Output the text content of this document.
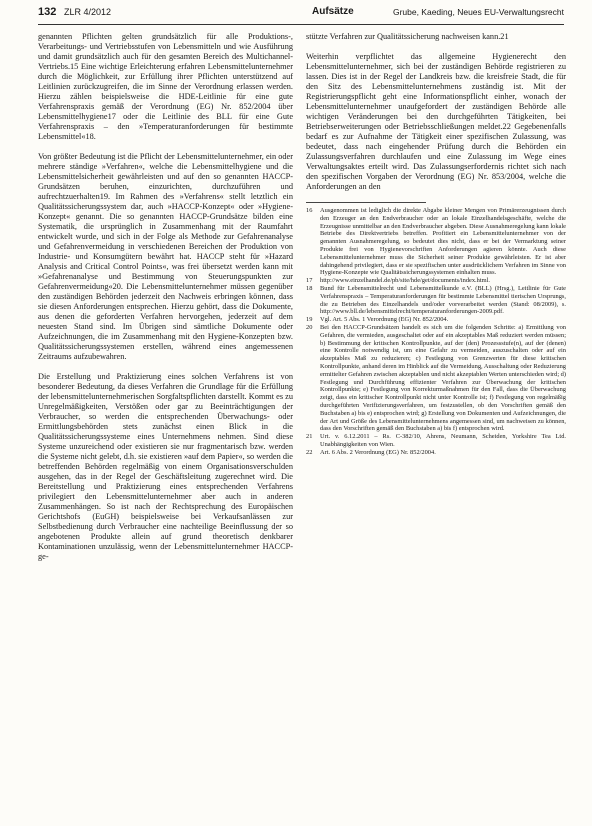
132 ZLR 4/2012	Aufsätze	Grube, Kaeding, Neues EU-Verwaltungsrecht

genannten Pflichten gelten grundsätzlich für alle Produktions-, Verarbeitungs- und Vertriebsstufen von Lebensmitteln und wie Ausführung und damit grundsätzlich auch für den gesamten Bereich des Multichannel-Vertriebs.15 Eine wichtige Erleichterung erfahren Lebensmittelunternehmer durch die Möglichkeit, zur Erfüllung ihrer Pflichten unterstützend auf Leitlinien zurückzugreifen, die im Sinne der Verordnung erlassen werden. Hierzu zählen beispielsweise die HDE-Leitlinie für eine gute Verfahrenspraxis gemäß der Verordnung (EG) Nr. 852/2004 über Lebensmittelhygiene17 oder die Leitlinie des BLL für eine Gute Verfahrenspraxis – den »Temperaturanforderungen für bestimmte Lebensmittel«18.

Von größter Bedeutung ist die Pflicht der Lebensmittelunternehmer, ein oder mehrere ständige »Verfahren«, welche die Lebensmittelhygiene und die Lebensmittelsicherheit gewährleisten und auf den so genannten HACCP-Grundsätzen beruhen, einzurichten, durchzuführen und aufrechtzuerhalten19. Im Rahmen des »Verfahrens« stellt letztlich ein Qualitätssicherungssystem dar, auch »HACCP-Konzept« oder »Hygiene-Konzept« genannt. Die so genannten HACCP-Grundsätze bilden eine Systematik, die ursprünglich in Zusammenhang mit der Raumfahrt entwickelt wurde, und sich in der Folge als Methode zur Gefahrenanalyse und Gefahrenvermeidung in verschiedenen Bereichen der Produktion von Industrie- und Konsumgütern bewährt hat. HACCP steht für »Hazard Analysis and Critical Control Points«, was frei übersetzt werden kann mit »Gefahrenanalyse und Bestimmung von Steuerungspunkten zur Gefahrenvermeidung«20. Die Lebensmittelunternehmer müssen gegenüber den zuständigen Behörden jederzeit den Nachweis erbringen können, dass sie diesen Anforderungen entsprechen. Hierzu gehört, dass die Dokumente, aus denen die geforderten Verfahren hervorgehen, jederzeit auf dem neuesten Stand sind. Im Übrigen sind sämtliche Dokumente oder Aufzeichnungen, die im Zusammenhang mit den Hygiene-Konzepten bzw. Qualitätssicherungssystemen erstellen, während eines angemessenen Zeitraums aufzubewahren.

Die Erstellung und Praktizierung eines solchen Verfahrens ist von besonderer Bedeutung, da dieses Verfahren die Grundlage für die Erfüllung der lebensmittelunternehmerischen Sorgfaltspflichten darstellt. Kommt es zu Unregelmäßigkeiten, Verstößen oder gar zu Beeinträchtigungen der Verbraucher, so werden die entsprechenden Überwachungs- oder Ermittlungsbehörden stets zunächst einen Blick in die Qualitätssicherungssysteme eines Unternehmens nehmen. Sind diese Systeme unzureichend oder existieren sie nur fragmentarisch bzw. werden die Systeme nicht gelebt, d.h. sie existieren »auf dem Papier«, so werden die betreffenden Behörden regelmäßig von einem Organisationsverschulden ausgehen, das in der Regel der Geschäftsleitung zugerechnet wird. Die Bereitstellung und Praktizierung eines entsprechenden Verfahrens privilegiert den Lebensmittelunternehmer aber auch in anderen Zusammenhängen. So ist nach der Rechtsprechung des Europäischen Gerichtshofs (EuGH) beispielsweise bei Verkaufsanlässen zur Selbstbedienung durch Verbraucher eine nachteilige Beeinflussung der so angebotenen Produkte allein auf grund theoretisch denkbarer Kontaminationen unzulässig, wenn der Lebensmittelunternehmer HACCP-ge-

stützte Verfahren zur Qualitätssicherung nachweisen kann.21

Weiterhin verpflichtet das allgemeine Hygienerecht den Lebensmittelunternehmer, sich bei der zuständigen Behörde registrieren zu lassen. Dies ist in der Regel der Landkreis bzw. die kreisfreie Stadt, die für den Sitz des Lebensmittelunternehmens zuständig ist. Mit der Registrierungspflicht geht eine Informationspflicht einher, wonach der Lebensmittelunternehmer unaufgefordert der zuständigen Behörde alle wichtigen Veränderungen bei den durchgeführten Tätigkeiten, bei Betriebserweiterungen oder Betriebsschließungen meldet.22 Gegebenenfalls bedarf es zur Aufnahme der Tätigkeit einer spezifischen Zulassung, was bedeutet, dass nach eingehender Prüfung durch die Behörden ein Zulassungsverfahren durchlaufen und eine Zulassung im Wege eines Verwaltungsaktes erteilt wird. Das Zulassungserfordernis richtet sich nach den spezifischen Vorgaben der Verordnung (EG) Nr. 853/2004, welche die Anforderungen an den

16	Ausgenommen ist lediglich die direkte Abgabe kleiner Mengen von Primärerzeugnissen durch den Erzeuger an den Endverbraucher oder an lokale Einzelhandelsgeschäfte, welche die Erzeugnisse unmittelbar an den Endverbraucher abgeben. Diese Ausnahmeregelung kann lokale Betriebe des Direktvertriebs betreffen. Profitiert ein Lebensmittelunternehmer von der genannten Ausnahmeregelung, so bedeutet dies nicht, dass er bei der Vermarktung seiner Produkte frei von Hygienevorschriften Anforderungen agieren könnte. Auch diese Lebensmittelunternehmer muss die Sicherheit seiner Produkte gewährleisten. Er ist aber dahingehend privilegiert, dass er sie spezifischen unter ausdrücklichem Verfahren im Sinne von Hygiene-Konzepte wie Qualitätssicherungssystemen einhalten muss.
17	http://www.einzelhandel.de/pb/site/hde/get/documents/index.html.
18	Bund für Lebensmittelrecht und Lebensmittelkunde e.V. (BLL) (Hrsg.), Leitlinie für Gute Verfahrenspraxis – Temperaturanforderungen für bestimmte Lebensmittel tierischen Ursprungs, die zu Betrieben des Einzelhandels und/oder vorverarbeitet werden (Stand: 08/2009), s. http://www.bll.de/lebensmittelrecht/temperaturanforderungen-2009.pdf.
19	Vgl. Art. 5 Abs. 1 Verordnung (EG) Nr. 852/2004.
20	Bei den HACCP-Grundsätzen handelt es sich um die folgenden Schritte: a) Ermittlung von Gefahren, die vermieden, ausgeschaltet oder auf ein akzeptables Maß reduziert werden müssen; b) Bestimmung der kritischen Kontrollpunkte, auf der (den) Prozessstufe(n), auf der (denen) eine Kontrolle notwendig ist, um eine Gefahr zu vermeiden, auszuschalten oder auf ein akzeptables Maß zu reduzieren; c) Festlegung von Grenzwerten für diese kritischen Kontrollpunkte, anhand deren im Hinblick auf die Vermeidung, Ausschaltung oder Reduzierung ermittelter Gefahren zwischen akzeptablen und nicht akzeptablen Werten unterschieden wird; d) Festlegung und Durchführung effizienter Verfahren zur Überwachung der kritischen Kontrollpunkte; e) Festlegung von Korrekturmaßnahmen für den Fall, dass die Überwachung zeigt, dass ein kritischer Kontrollpunkt nicht unter Kontrolle ist; f) Festlegung von regelmäßig durchgeführten Verifizierungsverfahren, um festzustellen, ob den Vorschriften gemäß den Buchstaben a) bis e) entsprochen wird; g) Erstellung von Dokumenten und Aufzeichnungen, die der Art und Größe des Lebensmittelunternehmens angemessen sind, um nachweisen zu können, dass den Vorschriften gemäß den Buchstaben a) bis f) entsprochen wird.
21	Urt. v. 6.12.2011 – Rs. C-382/10, Ahrens, Neumann, Scheiden, Yorkshire Tea Ltd. Unabhängigkeiten von Wien.
22	Art. 6 Abs. 2 Verordnung (EG) Nr. 852/2004.
